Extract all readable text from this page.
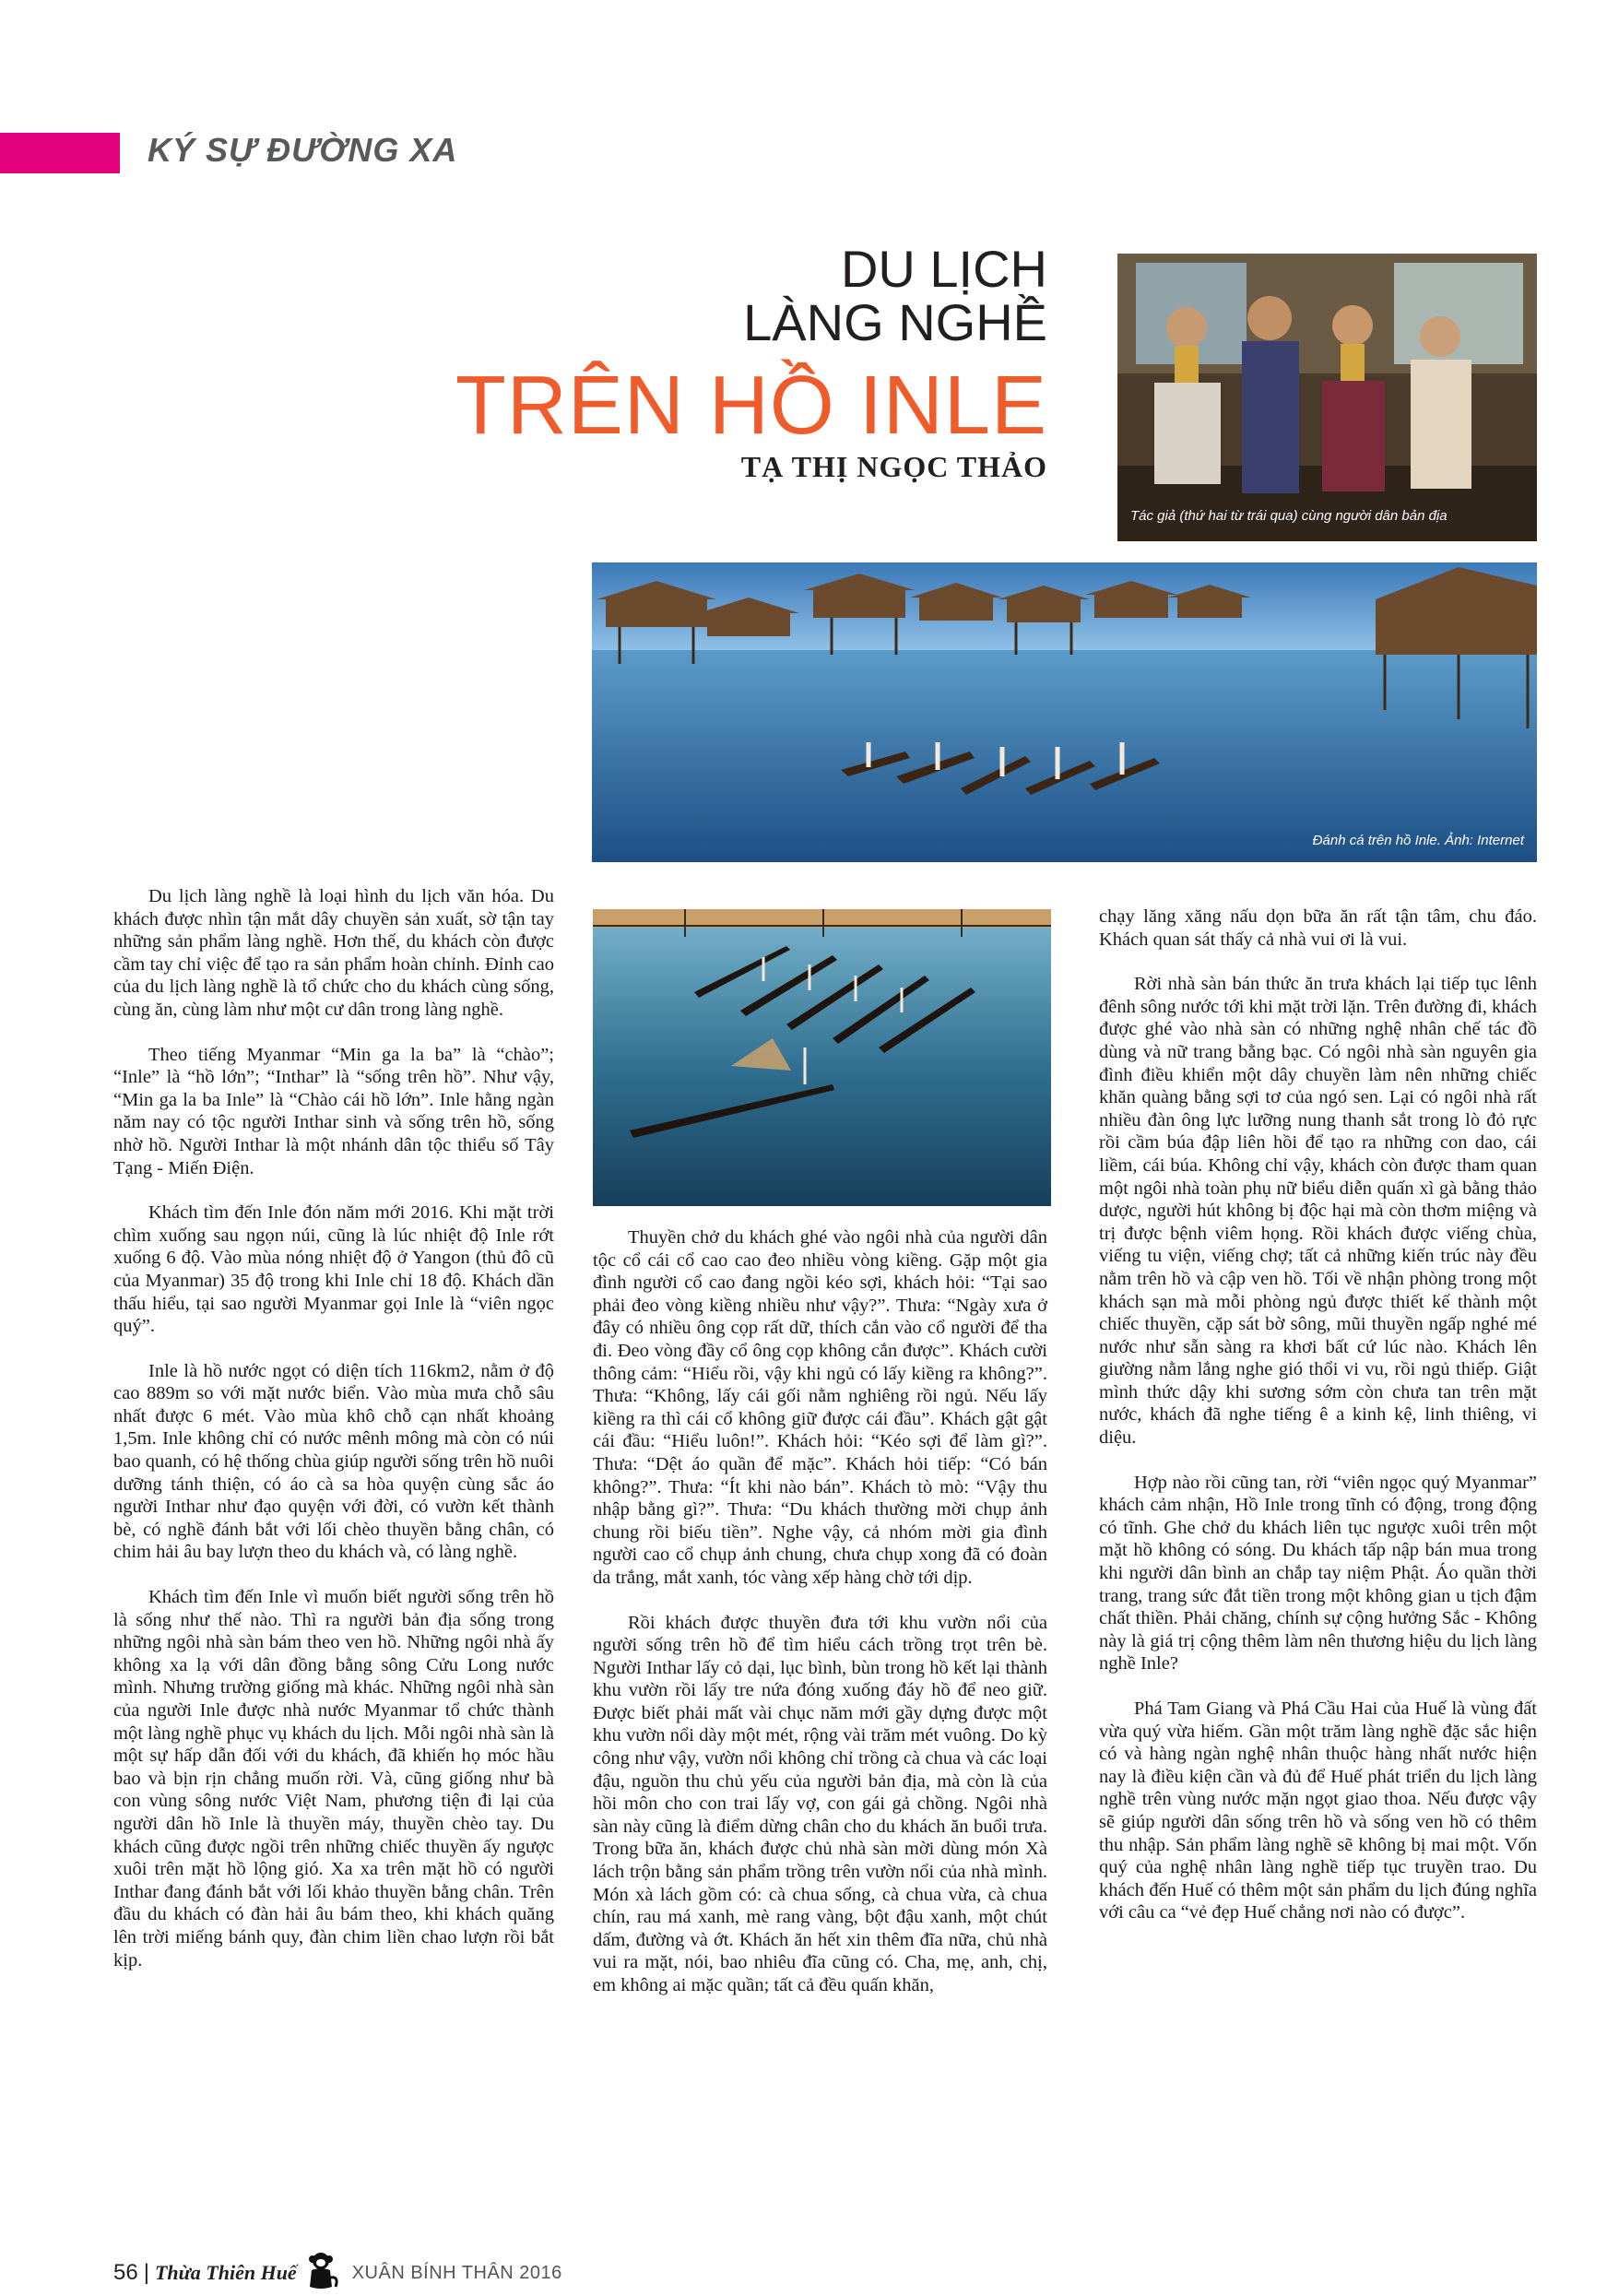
KÝ SỰ ĐƯỜNG XA
DU LỊCH
LÀNG NGHỀ
TRÊN HỒ INLE
TẠ THỊ NGỌC THẢO
Tác giả (thứ hai từ trái qua) cùng người dân bản địa
Đánh cá trên hồ Inle. Ảnh: Internet

Du lịch làng nghề là loại hình du lịch văn hóa. Du khách được nhìn tận mắt dây chuyền sản xuất, sờ tận tay những sản phẩm làng nghề. Hơn thế, du khách còn được cầm tay chỉ việc để tạo ra sản phẩm hoàn chỉnh. Đỉnh cao của du lịch làng nghề là tổ chức cho du khách cùng sống, cùng ăn, cùng làm như một cư dân trong làng nghề.

Theo tiếng Myanmar “Min ga la ba” là “chào”; “Inle” là “hồ lớn”; “Inthar” là “sống trên hồ”. Như vậy, “Min ga la ba Inle” là “Chào cái hồ lớn”. Inle hằng ngàn năm nay có tộc người Inthar sinh và sống trên hồ, sống nhờ hồ. Người Inthar là một nhánh dân tộc thiểu số Tây Tạng - Miến Điện.

Khách tìm đến Inle đón năm mới 2016. Khi mặt trời chìm xuống sau ngọn núi, cũng là lúc nhiệt độ Inle rớt xuống 6 độ. Vào mùa nóng nhiệt độ ở Yangon (thủ đô cũ của Myanmar) 35 độ trong khi Inle chỉ 18 độ. Khách dần thấu hiểu, tại sao người Myanmar gọi Inle là “viên ngọc quý”.

Inle là hồ nước ngọt có diện tích 116km2, nằm ở độ cao 889m so với mặt nước biển. Vào mùa mưa chỗ sâu nhất được 6 mét. Vào mùa khô chỗ cạn nhất khoảng 1,5m. Inle không chỉ có nước mênh mông mà còn có núi bao quanh, có hệ thống chùa giúp người sống trên hồ nuôi dưỡng tánh thiện, có áo cà sa hòa quyện cùng sắc áo người Inthar như đạo quyện với đời, có vườn kết thành bè, có nghề đánh bắt với lối chèo thuyền bằng chân, có chim hải âu bay lượn theo du khách và, có làng nghề.

Khách tìm đến Inle vì muốn biết người sống trên hồ là sống như thế nào. Thì ra người bản địa sống trong những ngôi nhà sàn bám theo ven hồ. Những ngôi nhà ấy không xa lạ với dân đồng bằng sông Cửu Long nước mình. Nhưng trường giống mà khác. Những ngôi nhà sàn của người Inle được nhà nước Myanmar tổ chức thành một làng nghề phục vụ khách du lịch. Mỗi ngôi nhà sàn là một sự hấp dẫn đối với du khách, đã khiến họ móc hầu bao và bịn rịn chẳng muốn rời. Và, cũng giống như bà con vùng sông nước Việt Nam, phương tiện đi lại của người dân hồ Inle là thuyền máy, thuyền chèo tay. Du khách cũng được ngồi trên những chiếc thuyền ấy ngược xuôi trên mặt hồ lộng gió. Xa xa trên mặt hồ có người Inthar đang đánh bắt với lối khảo thuyền bằng chân. Trên đầu du khách có đàn hải âu bám theo, khi khách quăng lên trời miếng bánh quy, đàn chim liền chao lượn rồi bắt kịp.

Thuyền chở du khách ghé vào ngôi nhà của người dân tộc cổ cái cổ cao cao đeo nhiều vòng kiềng. Gặp một gia đình người cổ cao đang ngồi kéo sợi, khách hỏi: “Tại sao phải đeo vòng kiềng nhiều như vậy?”. Thưa: “Ngày xưa ở đây có nhiều ông cọp rất dữ, thích cắn vào cổ người để tha đi. Đeo vòng đầy cổ ông cọp không cắn được”. Khách cười thông cảm: “Hiểu rồi, vậy khi ngủ có lấy kiềng ra không?”. Thưa: “Không, lấy cái gối nằm nghiêng rồi ngủ. Nếu lấy kiềng ra thì cái cổ không giữ được cái đầu”. Khách gật gật cái đầu: “Hiểu luôn!”. Khách hỏi: “Kéo sợi để làm gì?”. Thưa: “Dệt áo quần để mặc”. Khách hỏi tiếp: “Có bán không?”. Thưa: “Ít khi nào bán”. Khách tò mò: “Vậy thu nhập bằng gì?”. Thưa: “Du khách thường mời chụp ảnh chung rồi biếu tiền”. Nghe vậy, cả nhóm mời gia đình người cao cổ chụp ảnh chung, chưa chụp xong đã có đoàn da trắng, mắt xanh, tóc vàng xếp hàng chờ tới dịp.

Rồi khách được thuyền đưa tới khu vườn nổi của người sống trên hồ để tìm hiểu cách trồng trọt trên bè. Người Inthar lấy cỏ dại, lục bình, bùn trong hồ kết lại thành khu vườn rồi lấy tre nứa đóng xuống đáy hồ để neo giữ. Được biết phải mất vài chục năm mới gầy dựng được một khu vườn nổi dày một mét, rộng vài trăm mét vuông. Do kỳ công như vậy, vườn nổi không chỉ trồng cà chua và các loại đậu, nguồn thu chủ yếu của người bản địa, mà còn là của hồi môn cho con trai lấy vợ, con gái gả chồng. Ngôi nhà sàn này cũng là điểm dừng chân cho du khách ăn buổi trưa. Trong bữa ăn, khách được chủ nhà sàn mời dùng món Xà lách trộn bằng sản phẩm trồng trên vườn nổi của nhà mình. Món xà lách gồm có: cà chua sống, cà chua vừa, cà chua chín, rau má xanh, mè rang vàng, bột đậu xanh, một chút dấm, đường và ớt. Khách ăn hết xin thêm đĩa nữa, chủ nhà vui ra mặt, nói, bao nhiêu đĩa cũng có. Cha, mẹ, anh, chị, em không ai mặc quần; tất cả đều quấn khăn,

chạy lăng xăng nấu dọn bữa ăn rất tận tâm, chu đáo. Khách quan sát thấy cả nhà vui ơi là vui.

Rời nhà sàn bán thức ăn trưa khách lại tiếp tục lênh đênh sông nước tới khi mặt trời lặn. Trên đường đi, khách được ghé vào nhà sàn có những nghệ nhân chế tác đồ dùng và nữ trang bằng bạc. Có ngôi nhà sàn nguyên gia đình điều khiển một dây chuyền làm nên những chiếc khăn quàng bằng sợi tơ của ngó sen. Lại có ngôi nhà rất nhiều đàn ông lực lưỡng nung thanh sắt trong lò đỏ rực rồi cầm búa đập liên hồi để tạo ra những con dao, cái liềm, cái búa. Không chỉ vậy, khách còn được tham quan một ngôi nhà toàn phụ nữ biểu diễn quấn xì gà bằng thảo dược, người hút không bị độc hại mà còn thơm miệng và trị được bệnh viêm họng. Rồi khách được viếng chùa, viếng tu viện, viếng chợ; tất cả những kiến trúc này đều nằm trên hồ và cập ven hồ. Tối về nhận phòng trong một khách sạn mà mỗi phòng ngủ được thiết kế thành một chiếc thuyền, cặp sát bờ sông, mũi thuyền ngấp nghé mé nước như sẵn sàng ra khơi bất cứ lúc nào. Khách lên giường nằm lắng nghe gió thổi vi vu, rồi ngủ thiếp. Giật mình thức dậy khi sương sớm còn chưa tan trên mặt nước, khách đã nghe tiếng ê a kinh kệ, linh thiêng, vi diệu.

Hợp nào rồi cũng tan, rời “viên ngọc quý Myanmar” khách cảm nhận, Hồ Inle trong tĩnh có động, trong động có tĩnh. Ghe chở du khách liên tục ngược xuôi trên một mặt hồ không có sóng. Du khách tấp nập bán mua trong khi người dân bình an chắp tay niệm Phật. Áo quần thời trang, trang sức đắt tiền trong một không gian u tịch đậm chất thiền. Phải chăng, chính sự cộng hưởng Sắc - Không này là giá trị cộng thêm làm nên thương hiệu du lịch làng nghề Inle?

Phá Tam Giang và Phá Cầu Hai của Huế là vùng đất vừa quý vừa hiếm. Gần một trăm làng nghề đặc sắc hiện có và hàng ngàn nghệ nhân thuộc hàng nhất nước hiện nay là điều kiện cần và đủ để Huế phát triển du lịch làng nghề trên vùng nước mặn ngọt giao thoa. Nếu được vậy sẽ giúp người dân sống trên hồ và sống ven hồ có thêm thu nhập. Sản phẩm làng nghề sẽ không bị mai một. Vốn quý của nghệ nhân làng nghề tiếp tục truyền trao. Du khách đến Huế có thêm một sản phẩm du lịch đúng nghĩa với câu ca “vẻ đẹp Huế chẳng nơi nào có được”.

56 | Thừa Thiên Huế	XUÂN BÍNH THÂN 2016
